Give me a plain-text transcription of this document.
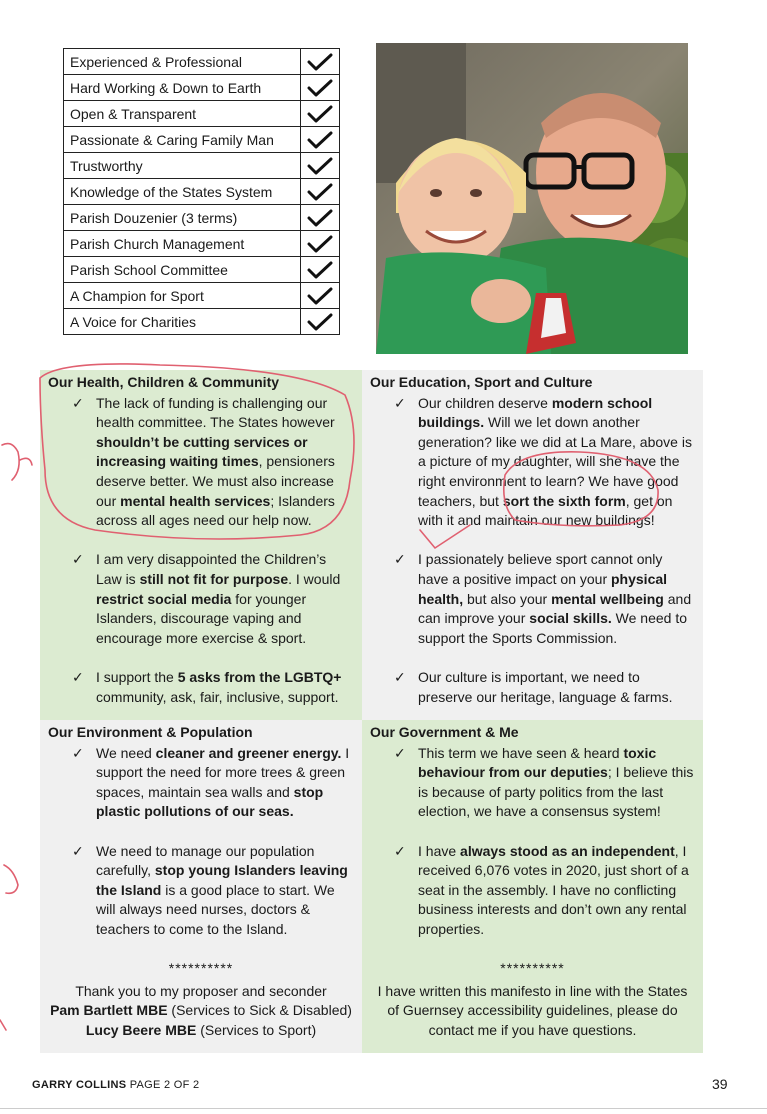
Experienced & Professional	

Hard Working & Down to Earth	

Open & Transparent	

Passionate & Caring Family Man	

Trustworthy	

Knowledge of the States System	

Parish Douzenier (3 terms)	

Parish Church Management	

Parish School Committee	

A Champion for Sport	

A Voice for Charities	
Our Health, Children & Community
✓ The lack of funding is challenging our health committee. The States however shouldn’t be cutting services or increasing waiting times, pensioners deserve better. We must also increase our mental health services; Islanders across all ages need our help now.
✓ I am very disappointed the Children’s Law is still not fit for purpose. I would restrict social media for younger Islanders, discourage vaping and encourage more exercise & sport.
✓ I support the 5 asks from the LGBTQ+ community, ask, fair, inclusive, support.
Our Education, Sport and Culture
✓ Our children deserve modern school buildings. Will we let down another generation? like we did at La Mare, above is a picture of my daughter, will she have the right environment to learn? We have good teachers, but sort the sixth form, get on with it and maintain our new buildings!
✓ I passionately believe sport cannot only have a positive impact on your physical health, but also your mental wellbeing and can improve your social skills. We need to support the Sports Commission.
✓ Our culture is important, we need to preserve our heritage, language & farms.
Our Environment & Population
✓ We need cleaner and greener energy. I support the need for more trees & green spaces, maintain sea walls and stop plastic pollutions of our seas.
✓ We need to manage our population carefully, stop young Islanders leaving the Island is a good place to start. We will always need nurses, doctors & teachers to come to the Island.
**********
Thank you to my proposer and seconder
Pam Bartlett MBE (Services to Sick & Disabled)
Lucy Beere MBE (Services to Sport)
Our Government & Me
✓ This term we have seen & heard toxic behaviour from our deputies; I believe this is because of party politics from the last election, we have a consensus system!
✓ I have always stood as an independent, I received 6,076 votes in 2020, just short of a seat in the assembly. I have no conflicting business interests and don’t own any rental properties.
**********
I have written this manifesto in line with the States of Guernsey accessibility guidelines, please do contact me if you have questions.
GARRY COLLINS PAGE 2 OF 2	39
